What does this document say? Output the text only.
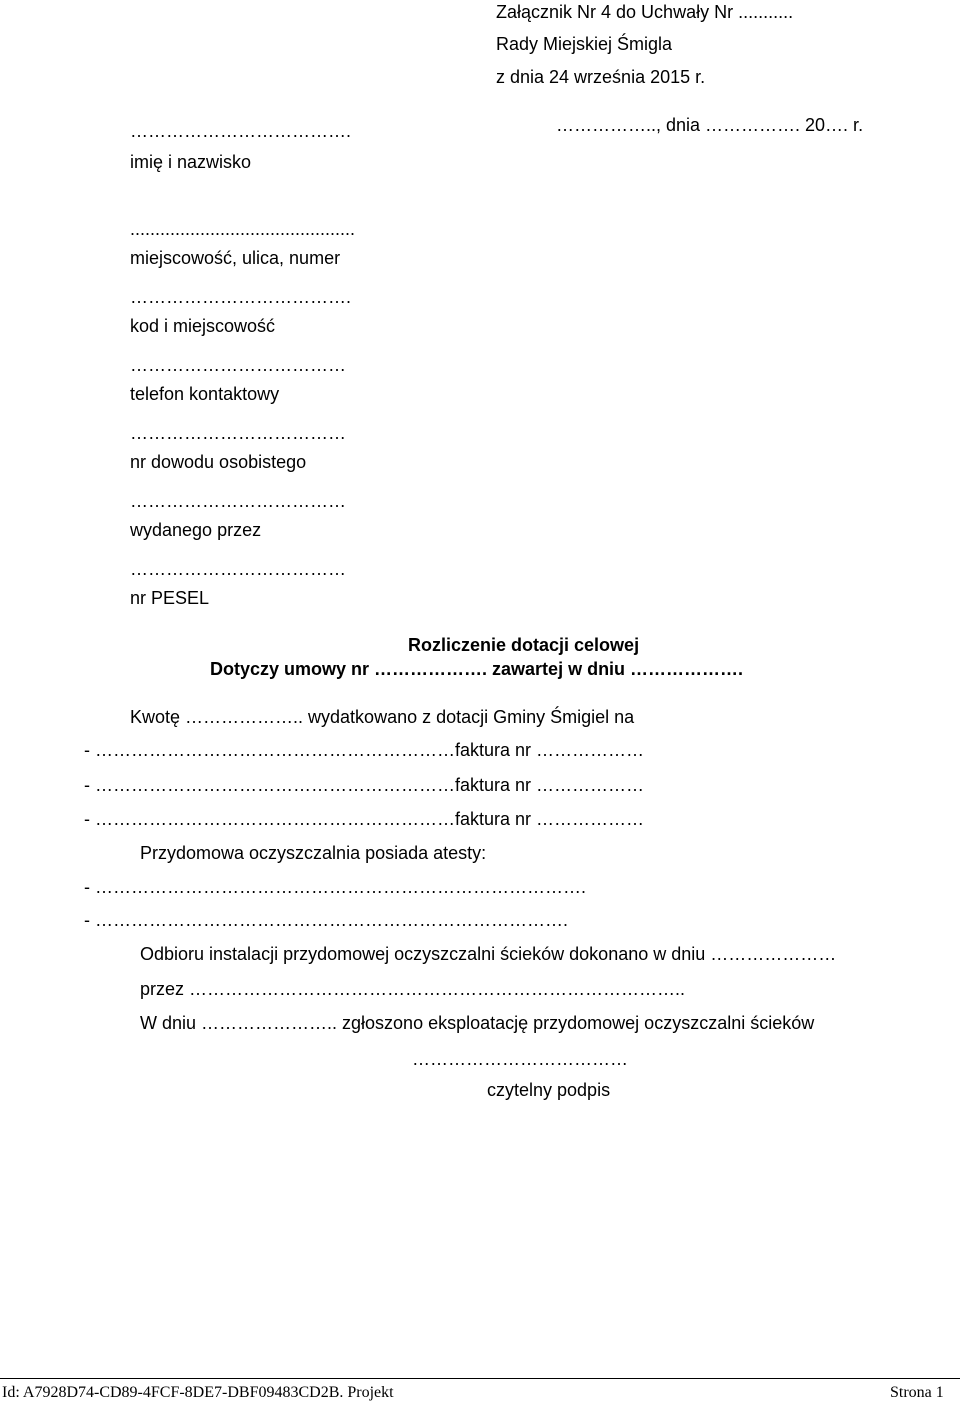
Załącznik Nr 4 do Uchwały Nr ...........
Rady Miejskiej Śmigla
z dnia 24 września 2015 r.
…………….., dnia ……………. 20…. r.
……………………………….
imię i nazwisko
.............................................
miejscowość, ulica, numer
……………………………….
kod i miejscowość
………………………………
telefon kontaktowy
………………………………
nr dowodu osobistego
………………………………
wydanego przez
………………………………
nr PESEL
Rozliczenie dotacji celowej
Dotyczy umowy nr ………………. zawartej w dniu ……………….
Kwotę ……………….. wydatkowano z dotacji Gminy Śmigiel na
- ……………………………………………………faktura nr ………………
- ……………………………………………………faktura nr ………………
- ……………………………………………………faktura nr ………………
Przydomowa oczyszczalnia posiada atesty:
- ……………………………………………………………………….
- …………………………………………………………………….
Odbioru instalacji przydomowej oczyszczalni ścieków dokonano w dniu …………………
przez ………………………………………………………………………..
W dniu ………………….. zgłoszono eksploatację przydomowej oczyszczalni ścieków
………………………………
czytelny podpis
Id: A7928D74-CD89-4FCF-8DE7-DBF09483CD2B. Projekt	Strona 1
